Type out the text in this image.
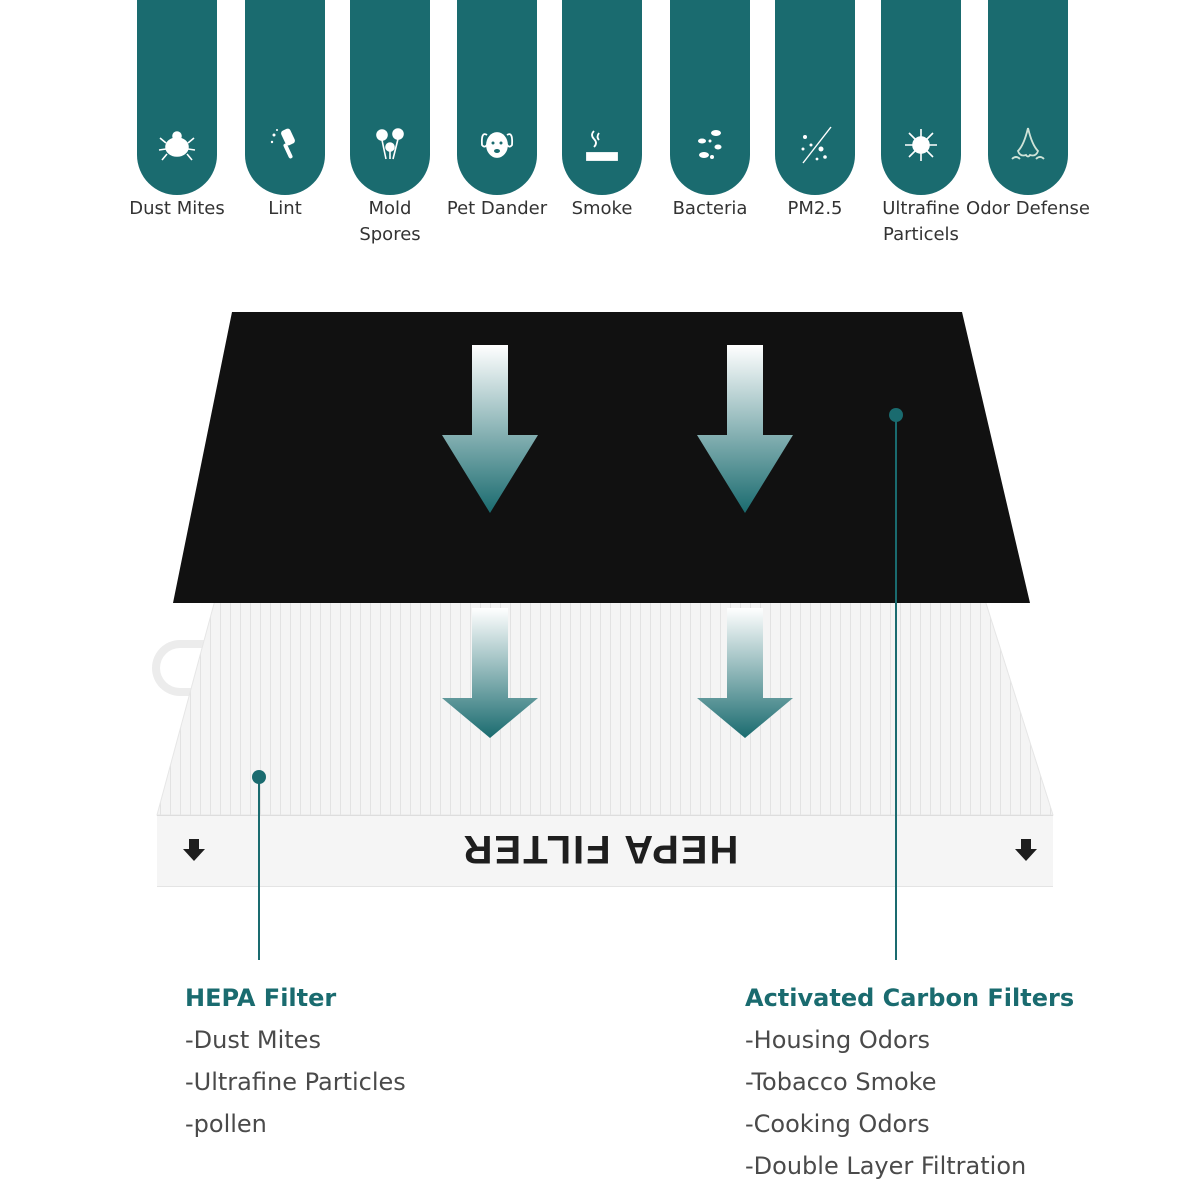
Dust Mites	Lint	Mold
Spores
Pet Dander	Smoke	Bacteria	PM2.5	Ultrafine
Particels
Odor Defense
HEPA FILTER
HEPA Filter
-Dust Mites
-Ultrafine Particles
-pollen
Activated Carbon Filters
-Housing Odors
-Tobacco Smoke
-Cooking Odors
-Double Layer Filtration
